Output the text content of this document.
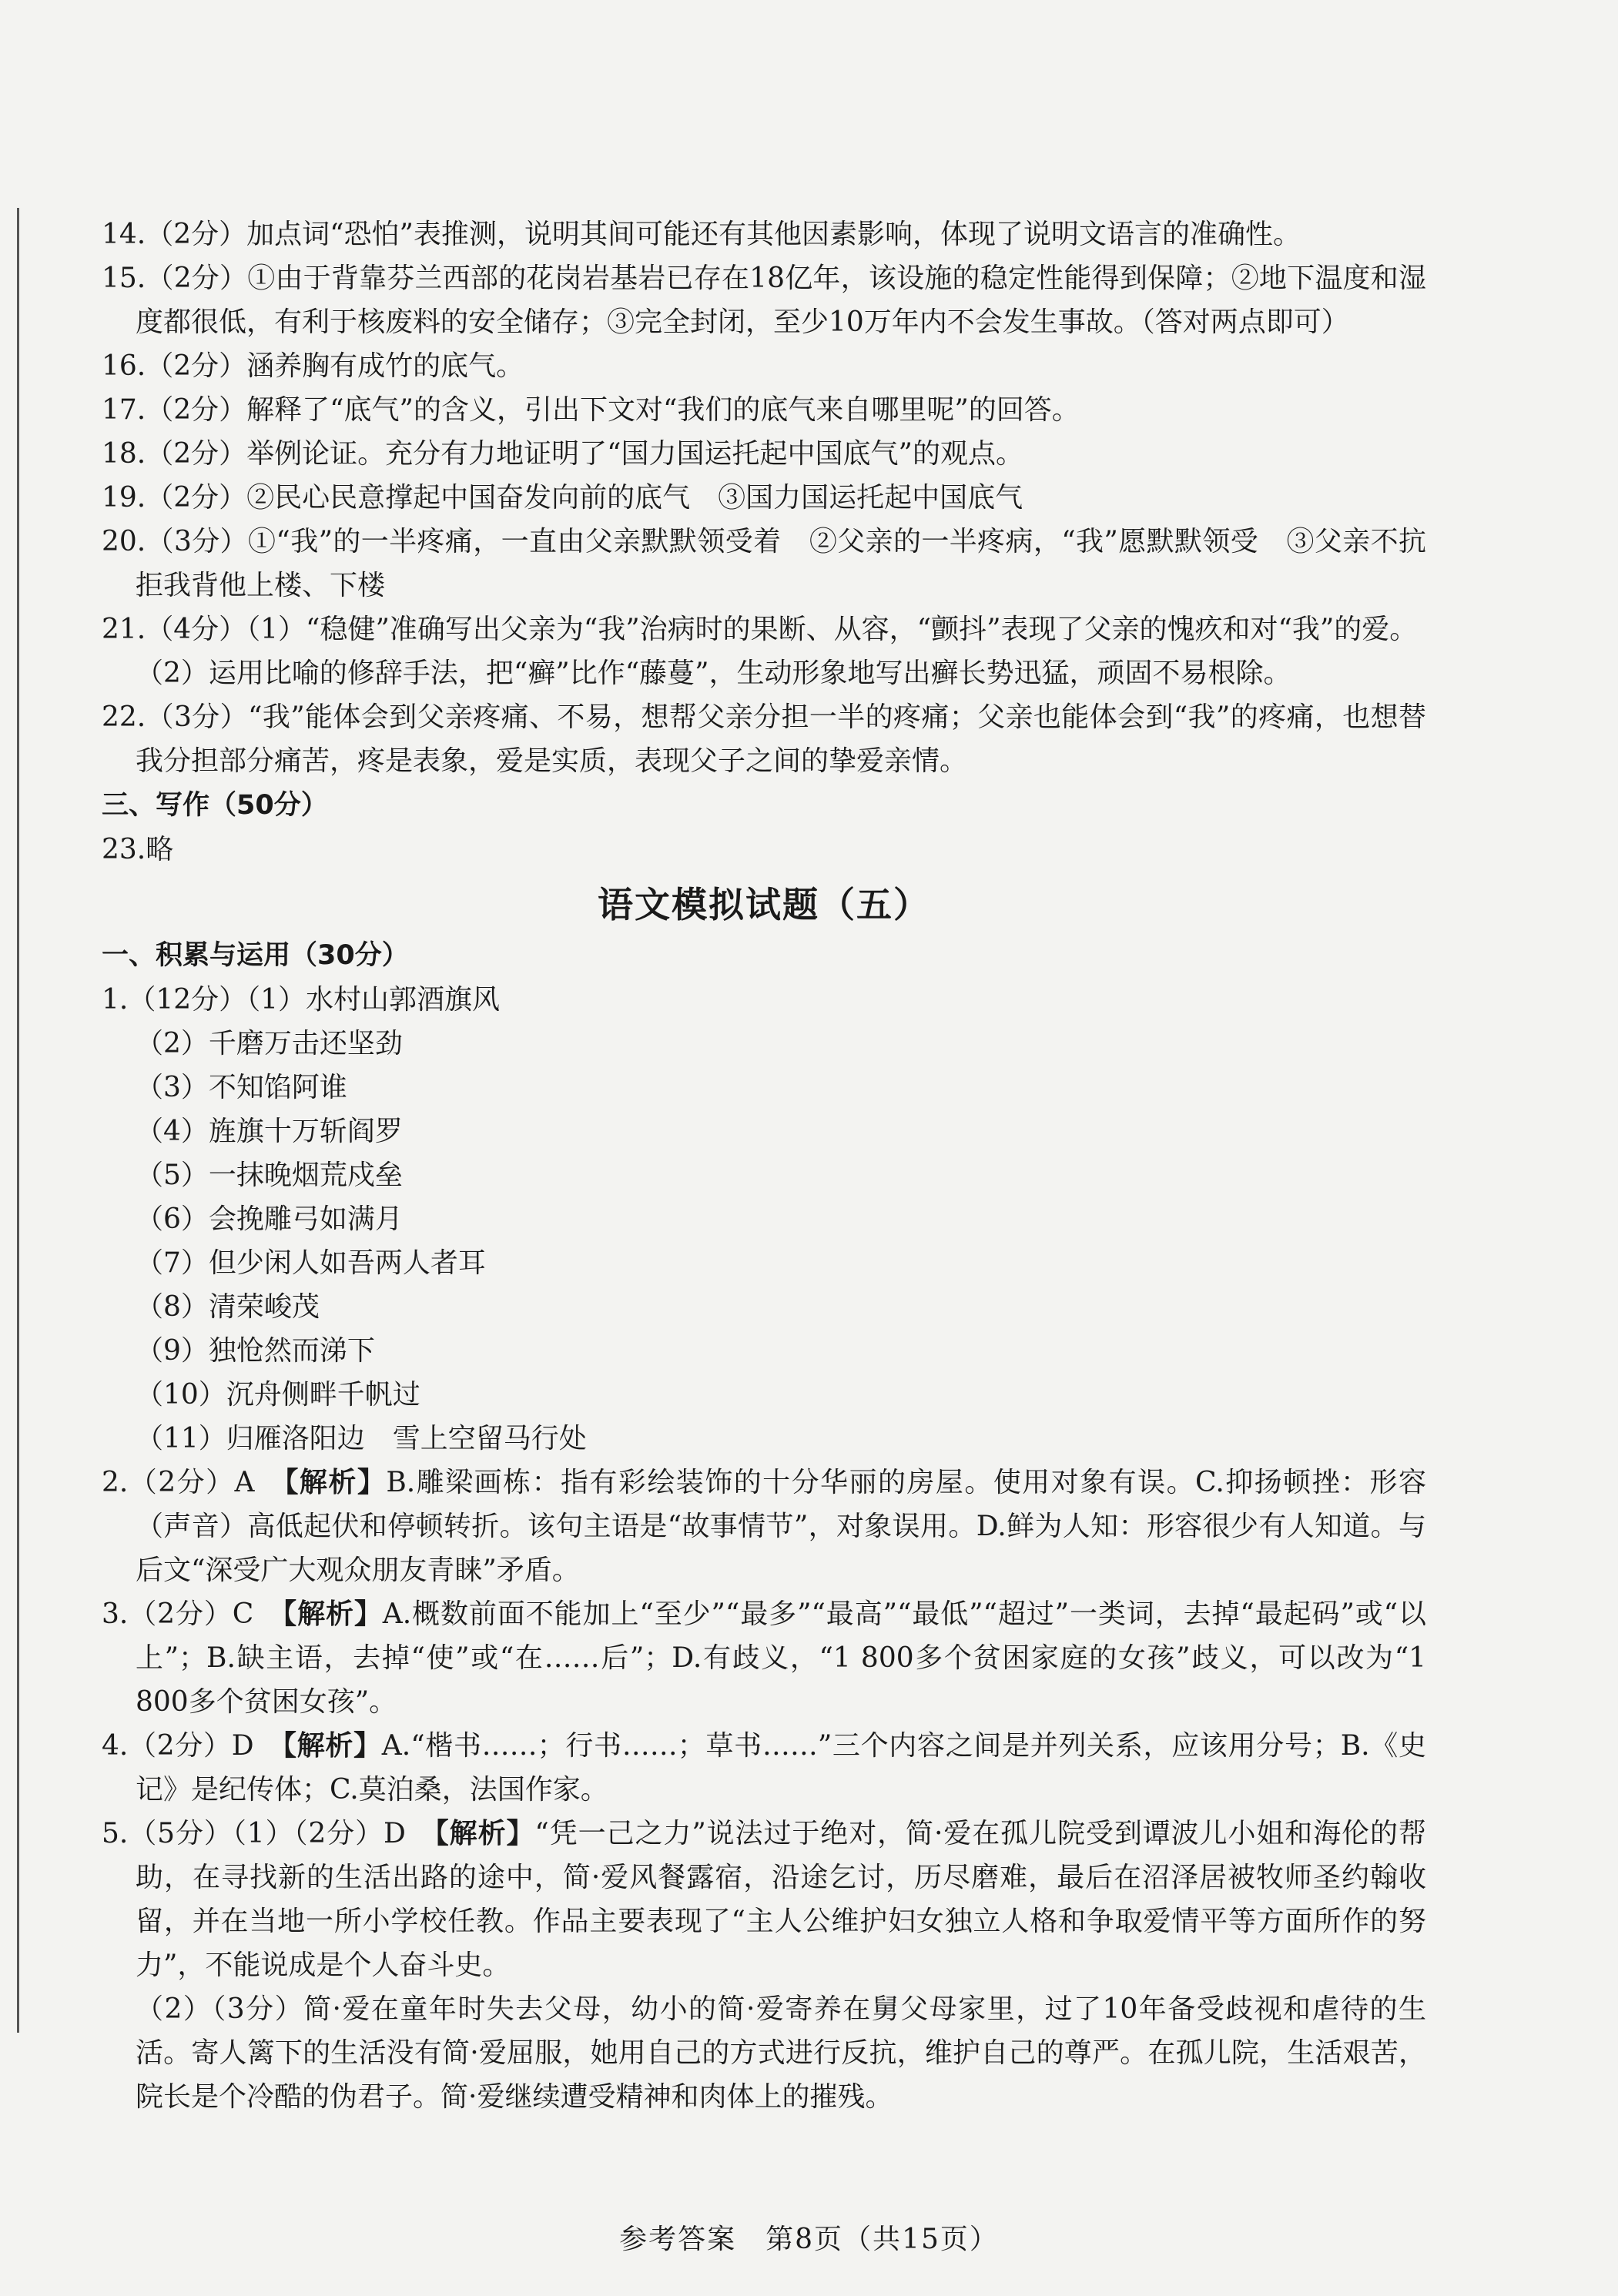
14.（2分）加点词“恐怕”表推测，说明其间可能还有其他因素影响，体现了说明文语言的准确性。

15.（2分）①由于背靠芬兰西部的花岗岩基岩已存在18亿年，该设施的稳定性能得到保障；②地下温度和湿度都很低，有利于核废料的安全储存；③完全封闭，至少10万年内不会发生事故。（答对两点即可）

16.（2分）涵养胸有成竹的底气。

17.（2分）解释了“底气”的含义，引出下文对“我们的底气来自哪里呢”的回答。

18.（2分）举例论证。充分有力地证明了“国力国运托起中国底气”的观点。

19.（2分）②民心民意撑起中国奋发向前的底气　③国力国运托起中国底气

20.（3分）①“我”的一半疼痛，一直由父亲默默领受着　②父亲的一半疼病，“我”愿默默领受　③父亲不抗拒我背他上楼、下楼

21.（4分）（1）“稳健”准确写出父亲为“我”治病时的果断、从容，“颤抖”表现了父亲的愧疚和对“我”的爱。

（2）运用比喻的修辞手法，把“癣”比作“藤蔓”，生动形象地写出癣长势迅猛，顽固不易根除。

22.（3分）“我”能体会到父亲疼痛、不易，想帮父亲分担一半的疼痛；父亲也能体会到“我”的疼痛，也想替我分担部分痛苦，疼是表象，爱是实质，表现父子之间的挚爱亲情。

三、写作（50分）

23.略

语文模拟试题（五）

一、积累与运用（30分）

1.（12分）（1）水村山郭酒旗风

（2）千磨万击还坚劲

（3）不知馅阿谁

（4）旌旗十万斩阎罗

（5）一抹晚烟荒戍垒

（6）会挽雕弓如满月

（7）但少闲人如吾两人者耳

（8）清荣峻茂

（9）独怆然而涕下

（10）沉舟侧畔千帆过

（11）归雁洛阳边　雪上空留马行处

2.（2分）A　【解析】B.雕梁画栋：指有彩绘装饰的十分华丽的房屋。使用对象有误。C.抑扬顿挫：形容（声音）高低起伏和停顿转折。该句主语是“故事情节”，对象误用。D.鲜为人知：形容很少有人知道。与后文“深受广大观众朋友青睐”矛盾。

3.（2分）C　【解析】A.概数前面不能加上“至少”“最多”“最高”“最低”“超过”一类词，去掉“最起码”或“以上”；B.缺主语，去掉“使”或“在……后”；D.有歧义，“1 800多个贫困家庭的女孩”歧义，可以改为“1 800多个贫困女孩”。

4.（2分）D　【解析】A.“楷书……；行书……；草书……”三个内容之间是并列关系，应该用分号；B.《史记》是纪传体；C.莫泊桑，法国作家。

5.（5分）（1）（2分）D　【解析】“凭一己之力”说法过于绝对，简·爱在孤儿院受到谭波儿小姐和海伦的帮助，在寻找新的生活出路的途中，简·爱风餐露宿，沿途乞讨，历尽磨难，最后在沼泽居被牧师圣约翰收留，并在当地一所小学校任教。作品主要表现了“主人公维护妇女独立人格和争取爱情平等方面所作的努力”，不能说成是个人奋斗史。

（2）（3分）简·爱在童年时失去父母，幼小的简·爱寄养在舅父母家里，过了10年备受歧视和虐待的生活。寄人篱下的生活没有简·爱屈服，她用自己的方式进行反抗，维护自己的尊严。在孤儿院，生活艰苦，院长是个冷酷的伪君子。简·爱继续遭受精神和肉体上的摧残。

参考答案　第8页（共15页）
